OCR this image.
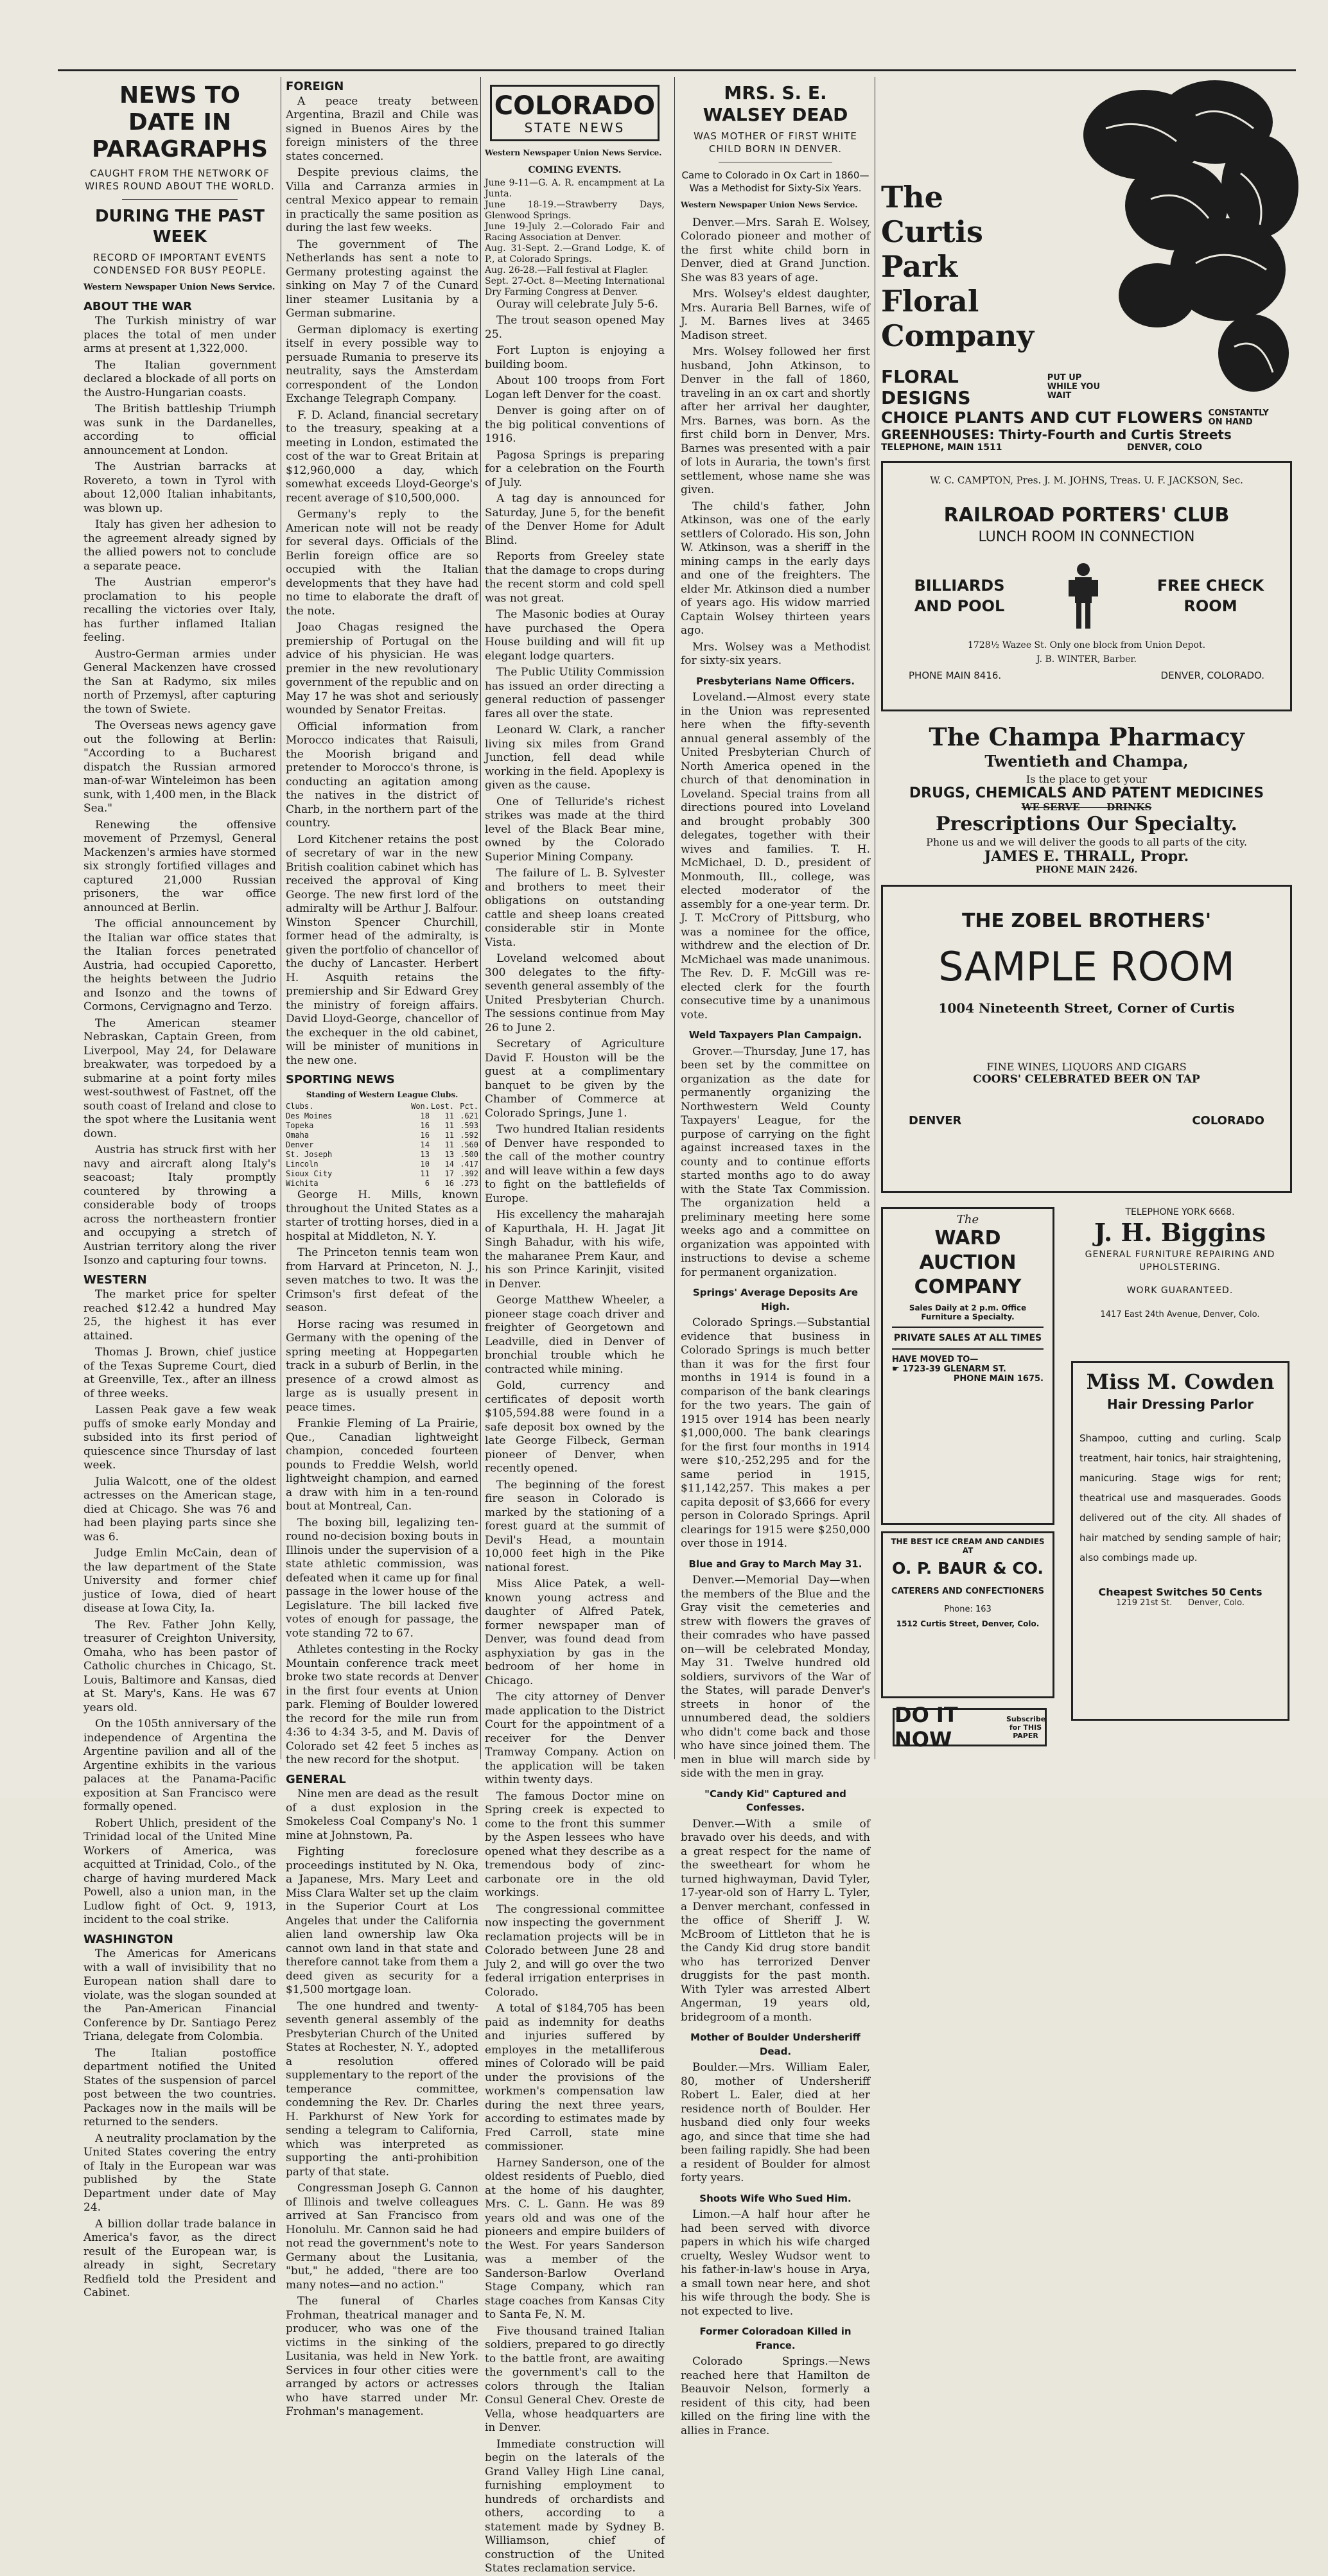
NEWS TO DATE IN PARAGRAPHS
CAUGHT FROM THE NETWORK OF WIRES ROUND ABOUT THE WORLD.
DURING THE PAST WEEK
RECORD OF IMPORTANT EVENTS CONDENSED FOR BUSY PEOPLE.
Western Newspaper Union News Service.
ABOUT THE WAR

The Turkish ministry of war places the total of men under arms at present at 1,322,000.

The Italian government declared a blockade of all ports on the Austro-Hungarian coasts.

The British battleship Triumph was sunk in the Dardanelles, according to official announcement at London.

The Austrian barracks at Rovereto, a town in Tyrol with about 12,000 Italian inhabitants, was blown up.

Italy has given her adhesion to the agreement already signed by the allied powers not to conclude a separate peace.

The Austrian emperor's proclamation to his people recalling the victories over Italy, has further inflamed Italian feeling.

Austro-German armies under General Mackenzen have crossed the San at Radymo, six miles north of Przemysl, after capturing the town of Swiete.

The Overseas news agency gave out the following at Berlin: "According to a Bucharest dispatch the Russian armored man-of-war Winteleimon has been sunk, with 1,400 men, in the Black Sea."

Renewing the offensive movement of Przemysl, General Mackenzen's armies have stormed six strongly fortified villages and captured 21,000 Russian prisoners, the war office announced at Berlin.

The official announcement by the Italian war office states that the Italian forces penetrated Austria, had occupied Caporetto, the heights between the Judrio and Isonzo and the towns of Cormons, Cervignagno and Terzo.

The American steamer Nebraskan, Captain Green, from Liverpool, May 24, for Delaware breakwater, was torpedoed by a submarine at a point forty miles west-southwest of Fastnet, off the south coast of Ireland and close to the spot where the Lusitania went down.

Austria has struck first with her navy and aircraft along Italy's seacoast; Italy promptly countered by throwing a considerable body of troops across the northeastern frontier and occupying a stretch of Austrian territory along the river Isonzo and capturing four towns.

WESTERN

The market price for spelter reached $12.42 a hundred May 25, the highest it has ever attained.

Thomas J. Brown, chief justice of the Texas Supreme Court, died at Greenville, Tex., after an illness of three weeks.

Lassen Peak gave a few weak puffs of smoke early Monday and subsided into its first period of quiescence since Thursday of last week.

Julia Walcott, one of the oldest actresses on the American stage, died at Chicago. She was 76 and had been playing parts since she was 6.

Judge Emlin McCain, dean of the law department of the State University and former chief justice of Iowa, died of heart disease at Iowa City, Ia.

The Rev. Father John Kelly, treasurer of Creighton University, Omaha, who has been pastor of Catholic churches in Chicago, St. Louis, Baltimore and Kansas, died at St. Mary's, Kans. He was 67 years old.

On the 105th anniversary of the independence of Argentina the Argentine pavilion and all of the Argentine exhibits in the various palaces at the Panama-Pacific exposition at San Francisco were formally opened.

Robert Uhlich, president of the Trinidad local of the United Mine Workers of America, was acquitted at Trinidad, Colo., of the charge of having murdered Mack Powell, also a union man, in the Ludlow fight of Oct. 9, 1913, incident to the coal strike.

WASHINGTON

The Americas for Americans with a wall of invisibility that no European nation shall dare to violate, was the slogan sounded at the Pan-American Financial Conference by Dr. Santiago Perez Triana, delegate from Colombia.

The Italian postoffice department notified the United States of the suspension of parcel post between the two countries. Packages now in the mails will be returned to the senders.

A neutrality proclamation by the United States covering the entry of Italy in the European war was published by the State Department under date of May 24.

A billion dollar trade balance in America's favor, as the direct result of the European war, is already in sight, Secretary Redfield told the President and Cabinet.

FOREIGN

A peace treaty between Argentina, Brazil and Chile was signed in Buenos Aires by the foreign ministers of the three states concerned.

Despite previous claims, the Villa and Carranza armies in central Mexico appear to remain in practically the same position as during the last few weeks.

The government of The Netherlands has sent a note to Germany protesting against the sinking on May 7 of the Cunard liner steamer Lusitania by a German submarine.

German diplomacy is exerting itself in every possible way to persuade Rumania to preserve its neutrality, says the Amsterdam correspondent of the London Exchange Telegraph Company.

F. D. Acland, financial secretary to the treasury, speaking at a meeting in London, estimated the cost of the war to Great Britain at $12,960,000 a day, which somewhat exceeds Lloyd-George's recent average of $10,500,000.

Germany's reply to the American note will not be ready for several days. Officials of the Berlin foreign office are so occupied with the Italian developments that they have had no time to elaborate the draft of the note.

Joao Chagas resigned the premiership of Portugal on the advice of his physician. He was premier in the new revolutionary government of the republic and on May 17 he was shot and seriously wounded by Senator Freitas.

Official information from Morocco indicates that Raisuli, the Moorish brigand and pretender to Morocco's throne, is conducting an agitation among the natives in the district of Charb, in the northern part of the country.

Lord Kitchener retains the post of secretary of war in the new British coalition cabinet which has received the approval of King George. The new first lord of the admiralty will be Arthur J. Balfour. Winston Spencer Churchill, former head of the admiralty, is given the portfolio of chancellor of the duchy of Lancaster. Herbert H. Asquith retains the premiership and Sir Edward Grey the ministry of foreign affairs. David Lloyd-George, chancellor of the exchequer in the old cabinet, will be minister of munitions in the new one.

SPORTING NEWS
Standing of Western League Clubs.
Clubs.	Won. Lost. Pct.
Des Moines	18	11 .621
Topeka	16	11 .593
Omaha	16	11 .592
Denver	14	11 .560
St. Joseph	13	13 .500
Lincoln	10	14 .417
Sioux City	11	17 .392
Wichita	6	16 .273

George H. Mills, known throughout the United States as a starter of trotting horses, died in a hospital at Middleton, N. Y.

The Princeton tennis team won from Harvard at Princeton, N. J., seven matches to two. It was the Crimson's first defeat of the season.

Horse racing was resumed in Germany with the opening of the spring meeting at Hoppegarten track in a suburb of Berlin, in the presence of a crowd almost as large as is usually present in peace times.

Frankie Fleming of La Prairie, Que., Canadian lightweight champion, conceded fourteen pounds to Freddie Welsh, world lightweight champion, and earned a draw with him in a ten-round bout at Montreal, Can.

The boxing bill, legalizing ten-round no-decision boxing bouts in Illinois under the supervision of a state athletic commission, was defeated when it came up for final passage in the lower house of the Legislature. The bill lacked five votes of enough for passage, the vote standing 72 to 67.

Athletes contesting in the Rocky Mountain conference track meet broke two state records at Denver in the first four events at Union park. Fleming of Boulder lowered the record for the mile run from 4:36 to 4:34 3-5, and M. Davis of Colorado set 42 feet 5 inches as the new record for the shotput.

GENERAL

Nine men are dead as the result of a dust explosion in the Smokeless Coal Company's No. 1 mine at Johnstown, Pa.

Fighting foreclosure proceedings instituted by N. Oka, a Japanese, Mrs. Mary Leet and Miss Clara Walter set up the claim in the Superior Court at Los Angeles that under the California alien land ownership law Oka cannot own land in that state and therefore cannot take from them a deed given as security for a $1,500 mortgage loan.

The one hundred and twenty-seventh general assembly of the Presbyterian Church of the United States at Rochester, N. Y., adopted a resolution offered supplementary to the report of the temperance committee, condemning the Rev. Dr. Charles H. Parkhurst of New York for sending a telegram to California, which was interpreted as supporting the anti-prohibition party of that state.

Congressman Joseph G. Cannon of Illinois and twelve colleagues arrived at San Francisco from Honolulu. Mr. Cannon said he had not read the government's note to Germany about the Lusitania, "but," he added, "there are too many notes—and no action."

The funeral of Charles Frohman, theatrical manager and producer, who was one of the victims in the sinking of the Lusitania, was held in New York. Services in four other cities were arranged by actors or actresses who have starred under Mr. Frohman's management.

COLORADO
STATE NEWS
Western Newspaper Union News Service.
COMING EVENTS.
June 9-11—G. A. R. encampment at La Junta.
June 18-19.—Strawberry Days, Glenwood Springs.
June 19-July 2.—Colorado Fair and Racing Association at Denver.
Aug. 31-Sept. 2.—Grand Lodge, K. of P., at Colorado Springs.
Aug. 26-28.—Fall festival at Flagler.
Sept. 27-Oct. 8—Meeting International Dry Farming Congress at Denver.

Ouray will celebrate July 5-6.

The trout season opened May 25.

Fort Lupton is enjoying a building boom.

About 100 troops from Fort Logan left Denver for the coast.

Denver is going after on of the big political conventions of 1916.

Pagosa Springs is preparing for a celebration on the Fourth of July.

A tag day is announced for Saturday, June 5, for the benefit of the Denver Home for Adult Blind.

Reports from Greeley state that the damage to crops during the recent storm and cold spell was not great.

The Masonic bodies at Ouray have purchased the Opera House building and will fit up elegant lodge quarters.

The Public Utility Commission has issued an order directing a general reduction of passenger fares all over the state.

Leonard W. Clark, a rancher living six miles from Grand Junction, fell dead while working in the field. Apoplexy is given as the cause.

One of Telluride's richest strikes was made at the third level of the Black Bear mine, owned by the Colorado Superior Mining Company.

The failure of L. B. Sylvester and brothers to meet their obligations on outstanding cattle and sheep loans created considerable stir in Monte Vista.

Loveland welcomed about 300 delegates to the fifty-seventh general assembly of the United Presbyterian Church. The sessions continue from May 26 to June 2.

Secretary of Agriculture David F. Houston will be the guest at a complimentary banquet to be given by the Chamber of Commerce at Colorado Springs, June 1.

Two hundred Italian residents of Denver have responded to the call of the mother country and will leave within a few days to fight on the battlefields of Europe.

His excellency the maharajah of Kapurthala, H. H. Jagat Jit Singh Bahadur, with his wife, the maharanee Prem Kaur, and his son Prince Karinjit, visited in Denver.

George Matthew Wheeler, a pioneer stage coach driver and freighter of Georgetown and Leadville, died in Denver of bronchial trouble which he contracted while mining.

Gold, currency and certificates of deposit worth $105,594.88 were found in a safe deposit box owned by the late George Filbeck, German pioneer of Denver, when recently opened.

The beginning of the forest fire season in Colorado is marked by the stationing of a forest guard at the summit of Devil's Head, a mountain 10,000 feet high in the Pike national forest.

Miss Alice Patek, a well-known young actress and daughter of Alfred Patek, former newspaper man of Denver, was found dead from asphyxiation by gas in the bedroom of her home in Chicago.

The city attorney of Denver made application to the District Court for the appointment of a receiver for the Denver Tramway Company. Action on the application will be taken within twenty days.

The famous Doctor mine on Spring creek is expected to come to the front this summer by the Aspen lessees who have opened what they describe as a tremendous body of zinc-carbonate ore in the old workings.

The congressional committee now inspecting the government reclamation projects will be in Colorado between June 28 and July 2, and will go over the two federal irrigation enterprises in Colorado.

A total of $184,705 has been paid as indemnity for deaths and injuries suffered by employes in the metalliferous mines of Colorado will be paid under the provisions of the workmen's compensation law during the next three years, according to estimates made by Fred Carroll, state mine commissioner.

Harney Sanderson, one of the oldest residents of Pueblo, died at the home of his daughter, Mrs. C. L. Gann. He was 89 years old and was one of the pioneers and empire builders of the West. For years Sanderson was a member of the Sanderson-Barlow Overland Stage Company, which ran stage coaches from Kansas City to Santa Fe, N. M.

Five thousand trained Italian soldiers, prepared to go directly to the battle front, are awaiting the government's call to the colors through the Italian Consul General Chev. Oreste de Vella, whose headquarters are in Denver.

Immediate construction will begin on the laterals of the Grand Valley High Line canal, furnishing employment to hundreds of orchardists and others, according to a statement made by Sydney B. Williamson, chief of construction of the United States reclamation service.

MRS. S. E. WALSEY DEAD
WAS MOTHER OF FIRST WHITE CHILD BORN IN DENVER.
Came to Colorado in Ox Cart in 1860—Was a Methodist for Sixty-Six Years.
Western Newspaper Union News Service.

Denver.—Mrs. Sarah E. Wolsey, Colorado pioneer and mother of the first white child born in Denver, died at Grand Junction. She was 83 years of age.

Mrs. Wolsey's eldest daughter, Mrs. Auraria Bell Barnes, wife of J. M. Barnes lives at 3465 Madison street.

Mrs. Wolsey followed her first husband, John Atkinson, to Denver in the fall of 1860, traveling in an ox cart and shortly after her arrival her daughter, Mrs. Barnes, was born. As the first child born in Denver, Mrs. Barnes was presented with a pair of lots in Auraria, the town's first settlement, whose name she was given.

The child's father, John Atkinson, was one of the early settlers of Colorado. His son, John W. Atkinson, was a sheriff in the mining camps in the early days and one of the freighters. The elder Mr. Atkinson died a number of years ago. His widow married Captain Wolsey thirteen years ago.

Mrs. Wolsey was a Methodist for sixty-six years.

Presbyterians Name Officers.

Loveland.—Almost every state in the Union was represented here when the fifty-seventh annual general assembly of the United Presbyterian Church of North America opened in the church of that denomination in Loveland. Special trains from all directions poured into Loveland and brought probably 300 delegates, together with their wives and families. T. H. McMichael, D. D., president of Monmouth, Ill., college, was elected moderator of the assembly for a one-year term. Dr. J. T. McCrory of Pittsburg, who was a nominee for the office, withdrew and the election of Dr. McMichael was made unanimous. The Rev. D. F. McGill was re-elected clerk for the fourth consecutive time by a unanimous vote.

Weld Taxpayers Plan Campaign.

Grover.—Thursday, June 17, has been set by the committee on organization as the date for permanently organizing the Northwestern Weld County Taxpayers' League, for the purpose of carrying on the fight against increased taxes in the county and to continue efforts started months ago to do away with the State Tax Commission. The organization held a preliminary meeting here some weeks ago and a committee on organization was appointed with instructions to devise a scheme for permanent organization.

Springs' Average Deposits Are High.

Colorado Springs.—Substantial evidence that business in Colorado Springs is much better than it was for the first four months in 1914 is found in a comparison of the bank clearings for the two years. The gain of 1915 over 1914 has been nearly $1,000,000. The bank clearings for the first four months in 1914 were $10,-252,295 and for the same period in 1915, $11,142,257. This makes a per capita deposit of $3,666 for every person in Colorado Springs. April clearings for 1915 were $250,000 over those in 1914.

Blue and Gray to March May 31.

Denver.—Memorial Day—when the members of the Blue and the Gray visit the cemeteries and strew with flowers the graves of their comrades who have passed on—will be celebrated Monday, May 31. Twelve hundred old soldiers, survivors of the War of the States, will parade Denver's streets in honor of the unnumbered dead, the soldiers who didn't come back and those who have since joined them. The men in blue will march side by side with the men in gray.

"Candy Kid" Captured and Confesses.

Denver.—With a smile of bravado over his deeds, and with a great respect for the name of the sweetheart for whom he turned highwayman, David Tyler, 17-year-old son of Harry L. Tyler, a Denver merchant, confessed in the office of Sheriff J. W. McBroom of Littleton that he is the Candy Kid drug store bandit who has terrorized Denver druggists for the past month. With Tyler was arrested Albert Angerman, 19 years old, bridegroom of a month.

Mother of Boulder Undersheriff Dead.

Boulder.—Mrs. William Ealer, 80, mother of Undersheriff Robert L. Ealer, died at her residence north of Boulder. Her husband died only four weeks ago, and since that time she had been failing rapidly. She had been a resident of Boulder for almost forty years.

Shoots Wife Who Sued Him.

Limon.—A half hour after he had been served with divorce papers in which his wife charged cruelty, Wesley Wudsor went to his father-in-law's house in Arya, a small town near here, and shot his wife through the body. She is not expected to live.

Former Coloradoan Killed in France.

Colorado Springs.—News reached here that Hamilton de Beauvoir Nelson, formerly a resident of this city, had been killed on the firing line with the allies in France.

The
Curtis
Park
Floral
Company
FLORAL DESIGNS
PUT UP WHILE YOU WAIT
CHOICE PLANTS AND CUT FLOWERS CONSTANTLY ON HAND
GREENHOUSES: Thirty-Fourth and Curtis Streets
TELEPHONE, MAIN 1511	DENVER, COLO
W. C. CAMPTON, Pres. J. M. JOHNS, Treas. U. F. JACKSON, Sec.
RAILROAD PORTERS' CLUB
LUNCH ROOM IN CONNECTION
BILLIARDS AND POOL
FREE CHECK ROOM
1728½ Wazee St. Only one block from Union Depot.
J. B. WINTER, Barber.
PHONE MAIN 8416.	DENVER, COLORADO.
The Champa Pharmacy
Twentieth and Champa,
Is the place to get your
DRUGS, CHEMICALS AND PATENT MEDICINES
WE SERVE        DRINKS
Prescriptions Our Specialty.
Phone us and we will deliver the goods to all parts of the city.
JAMES E. THRALL, Propr.
PHONE MAIN 2426.
THE ZOBEL BROTHERS'
SAMPLE ROOM
1004 Nineteenth Street, Corner of Curtis
FINE WINES, LIQUORS AND CIGARS
COORS' CELEBRATED BEER ON TAP
DENVER	COLORADO
The
WARD AUCTION COMPANY
Sales Daily at 2 p.m. Office Furniture a Specialty.
PRIVATE SALES AT ALL TIMES
HAVE MOVED TO—
☛ 1723-39 GLENARM ST.
PHONE MAIN 1675.
THE BEST ICE CREAM AND CANDIES AT
O. P. BAUR & CO.
CATERERS AND CONFECTIONERS
Phone: 163
1512 Curtis Street, Denver, Colo.
DO IT NOW
Subscribe for THIS PAPER
TELEPHONE YORK 6668.
J. H. Biggins
GENERAL FURNITURE REPAIRING AND UPHOLSTERING.
WORK GUARANTEED.
1417 East 24th Avenue, Denver, Colo.
Miss M. Cowden
Hair Dressing Parlor
Shampoo, cutting and curling. Scalp treatment, hair tonics, hair straightening, manicuring. Stage wigs for rent; theatrical use and masquerades. Goods delivered out of the city. All shades of hair matched by sending sample of hair; also combings made up.
Cheapest Switches 50 Cents
1219 21st St.      Denver, Colo.
